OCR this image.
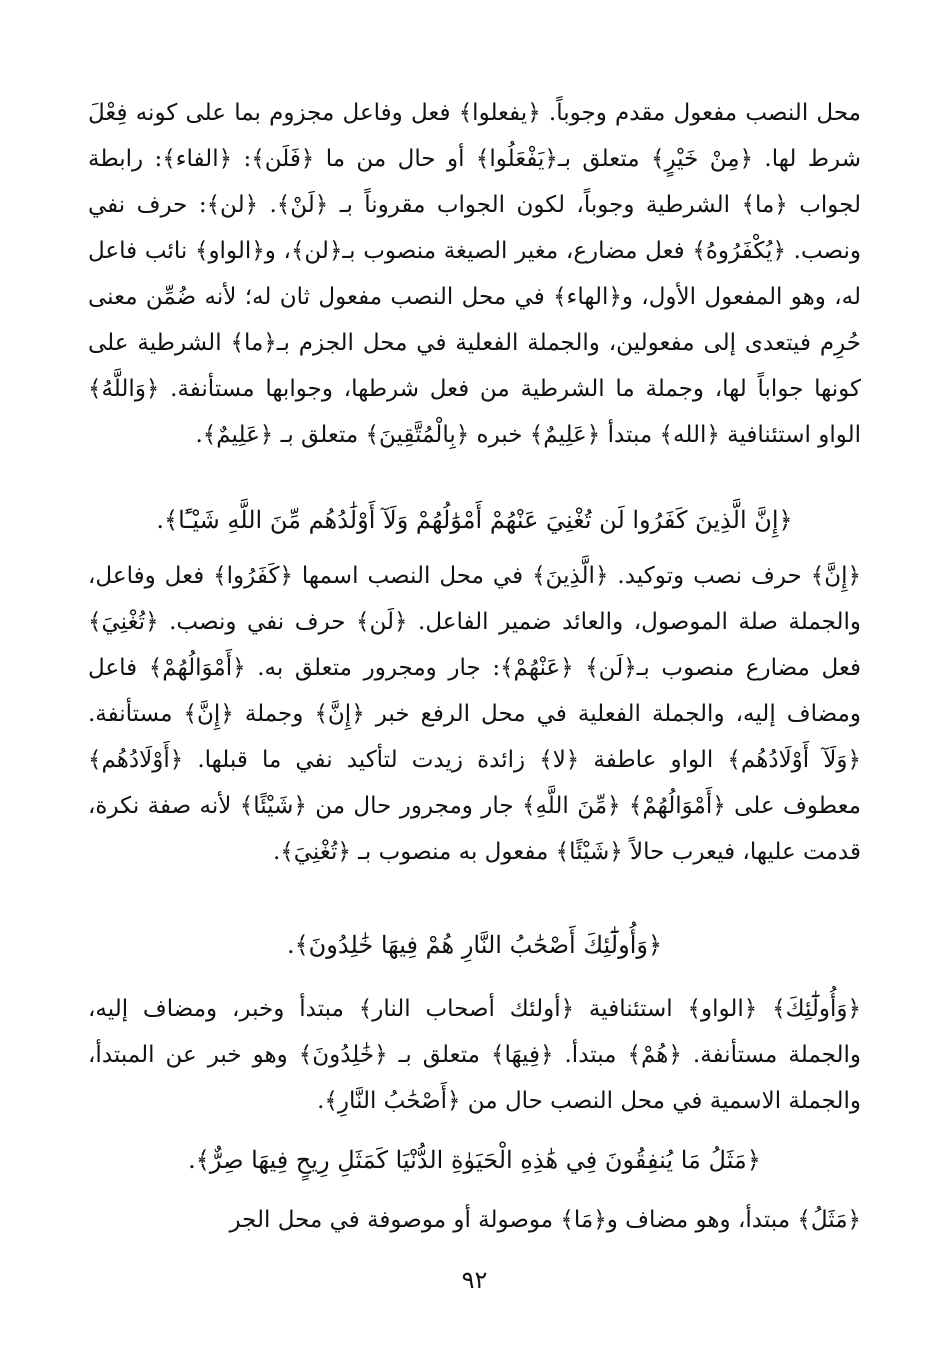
محل النصب مفعول مقدم وجوباً. ﴿يفعلوا﴾ فعل وفاعل مجزوم بما على كونه فِعْلَ شرط لها. ﴿مِنْ خَيْرٍ﴾ متعلق بـ﴿يَفْعَلُوا﴾ أو حال من ما ﴿فَلَن﴾: ﴿الفاء﴾: رابطة لجواب ﴿ما﴾ الشرطية وجوباً، لكون الجواب مقروناً بـ ﴿لَنْ﴾. ﴿لن﴾: حرف نفي ونصب. ﴿يُكْفَرُوهُ﴾ فعل مضارع، مغير الصيغة منصوب بـ﴿لن﴾، و﴿الواو﴾ نائب فاعل له، وهو المفعول الأول، و﴿الهاء﴾ في محل النصب مفعول ثان له؛ لأنه ضُمِّن معنى حُرِم فيتعدى إلى مفعولين، والجملة الفعلية في محل الجزم بـ﴿ما﴾ الشرطية على كونها جواباً لها، وجملة ما الشرطية من فعل شرطها، وجوابها مستأنفة. ﴿وَاللَّهُ﴾ الواو استئنافية ﴿الله﴾ مبتدأ ﴿عَلِيمٌ﴾ خبره ﴿بِالْمُتَّقِينَ﴾ متعلق بـ ﴿عَلِيمٌ﴾.

﴿إِنَّ الَّذِينَ كَفَرُوا لَن تُغْنِيَ عَنْهُمْ أَمْوَٰلُهُمْ وَلَآ أَوْلَٰدُهُم مِّنَ اللَّهِ شَيْـًٔا﴾.

﴿إِنَّ﴾ حرف نصب وتوكيد. ﴿الَّذِينَ﴾ في محل النصب اسمها ﴿كَفَرُوا﴾ فعل وفاعل، والجملة صلة الموصول، والعائد ضمير الفاعل. ﴿لَن﴾ حرف نفي ونصب. ﴿تُغْنِيَ﴾ فعل مضارع منصوب بـ﴿لَن﴾ ﴿عَنْهُمْ﴾: جار ومجرور متعلق به. ﴿أَمْوَالُهُمْ﴾ فاعل ومضاف إليه، والجملة الفعلية في محل الرفع خبر ﴿إِنَّ﴾ وجملة ﴿إِنَّ﴾ مستأنفة. ﴿وَلَآ أَوْلَادُهُم﴾ الواو عاطفة ﴿لا﴾ زائدة زيدت لتأكيد نفي ما قبلها. ﴿أَوْلَادُهُم﴾ معطوف على ﴿أَمْوَالُهُمْ﴾ ﴿مِّنَ اللَّهِ﴾ جار ومجرور حال من ﴿شَيْئًا﴾ لأنه صفة نكرة، قدمت عليها، فيعرب حالاً ﴿شَيْئًا﴾ مفعول به منصوب بـ ﴿تُغْنِيَ﴾.

﴿وَأُولَٰٓئِكَ أَصْحَٰبُ النَّارِ هُمْ فِيهَا خَٰلِدُونَ﴾.

﴿وَأُولَٰٓئِكَ﴾ ﴿الواو﴾ استئنافية ﴿أولئك أصحاب النار﴾ مبتدأ وخبر، ومضاف إليه، والجملة مستأنفة. ﴿هُمْ﴾ مبتدأ. ﴿فِيهَا﴾ متعلق بـ ﴿خَٰلِدُونَ﴾ وهو خبر عن المبتدأ، والجملة الاسمية في محل النصب حال من ﴿أَصْحَٰبُ النَّارِ﴾.

﴿مَثَلُ مَا يُنفِقُونَ فِي هَٰذِهِ الْحَيَوٰةِ الدُّنْيَا كَمَثَلِ رِيحٍ فِيهَا صِرٌّ﴾.

﴿مَثَلُ﴾ مبتدأ، وهو مضاف و﴿مَا﴾ موصولة أو موصوفة في محل الجر

٩٢
